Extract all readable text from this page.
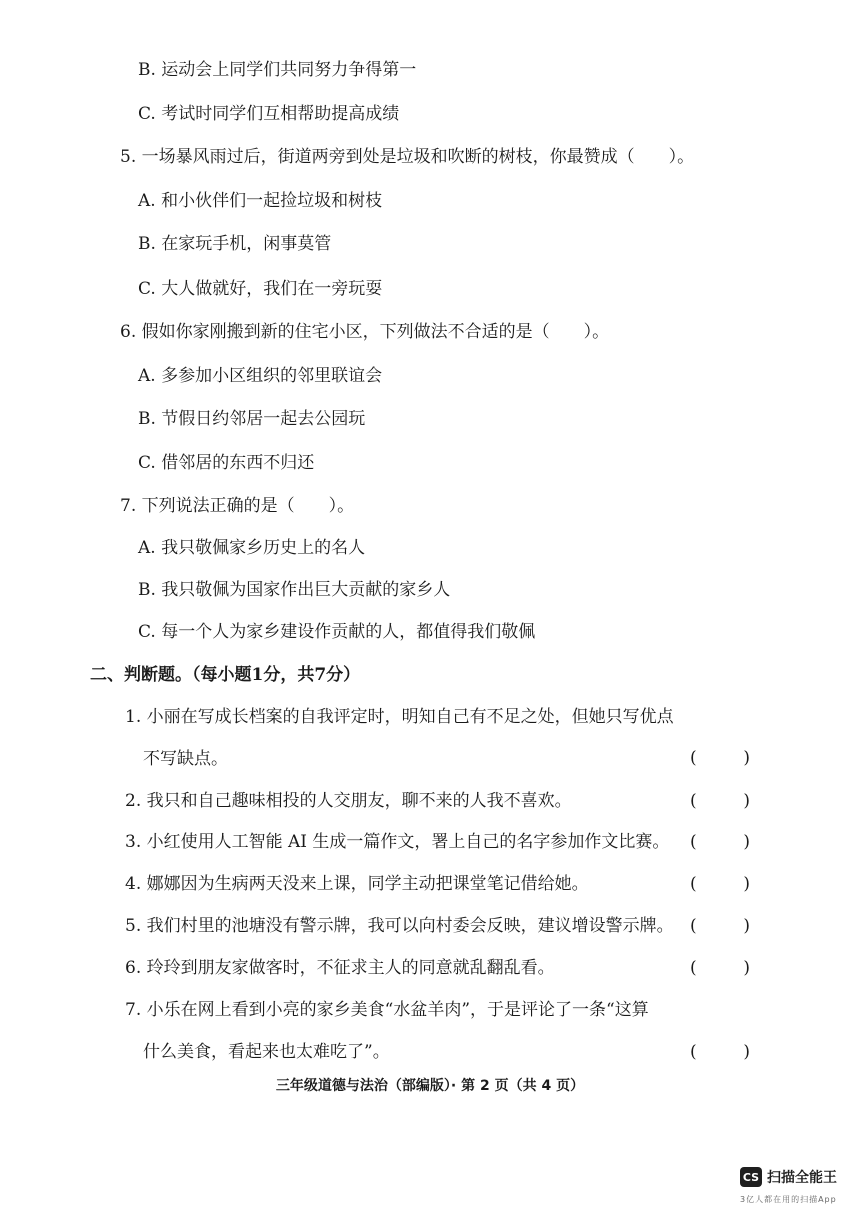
B. 运动会上同学们共同努力争得第一
C. 考试时同学们互相帮助提高成绩
5. 一场暴风雨过后，街道两旁到处是垃圾和吹断的树枝，你最赞成（　　）。
A. 和小伙伴们一起捡垃圾和树枝
B. 在家玩手机，闲事莫管
C. 大人做就好，我们在一旁玩耍
6. 假如你家刚搬到新的住宅小区，下列做法不合适的是（　　）。
A. 多参加小区组织的邻里联谊会
B. 节假日约邻居一起去公园玩
C. 借邻居的东西不归还
7. 下列说法正确的是（　　）。
A. 我只敬佩家乡历史上的名人
B. 我只敬佩为国家作出巨大贡献的家乡人
C. 每一个人为家乡建设作贡献的人，都值得我们敬佩
二、判断题。（每小题1分，共7分）
1. 小丽在写成长档案的自我评定时，明知自己有不足之处，但她只写优点
不写缺点。	(	)
2. 我只和自己趣味相投的人交朋友，聊不来的人我不喜欢。	(	)
3. 小红使用人工智能 AI 生成一篇作文，署上自己的名字参加作文比赛。 (	)
4. 娜娜因为生病两天没来上课，同学主动把课堂笔记借给她。	(	)
5. 我们村里的池塘没有警示牌，我可以向村委会反映，建议增设警示牌。 (	)
6. 玲玲到朋友家做客时，不征求主人的同意就乱翻乱看。	(	)
7. 小乐在网上看到小亮的家乡美食“水盆羊肉”，于是评论了一条“这算
什么美食，看起来也太难吃了”。	(	)
三年级道德与法治（部编版）· 第 2 页（共 4 页）
CS 扫描全能王
3亿人都在用的扫描App
